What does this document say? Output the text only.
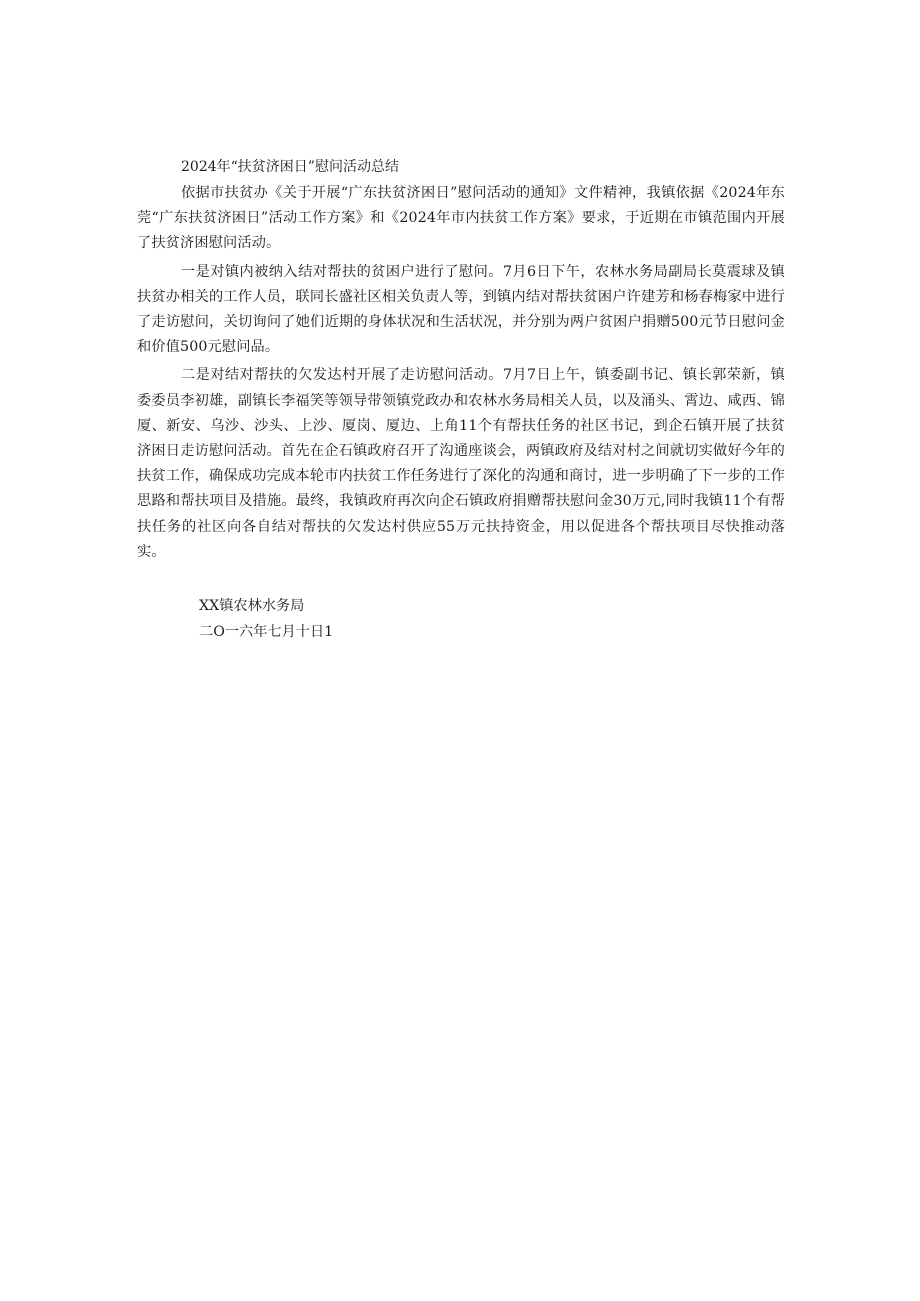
2024年“扶贫济困日”慰问活动总结

依据市扶贫办《关于开展“广东扶贫济困日”慰问活动的通知》文件精神，我镇依据《2024年东莞“广东扶贫济困日”活动工作方案》和《2024年市内扶贫工作方案》要求，于近期在市镇范围内开展了扶贫济困慰问活动。

一是对镇内被纳入结对帮扶的贫困户进行了慰问。7月6日下午，农林水务局副局长莫震球及镇扶贫办相关的工作人员，联同长盛社区相关负责人等，到镇内结对帮扶贫困户许建芳和杨春梅家中进行了走访慰问，关切询问了她们近期的身体状况和生活状况，并分别为两户贫困户捐赠500元节日慰问金和价值500元慰问品。

二是对结对帮扶的欠发达村开展了走访慰问活动。7月7日上午，镇委副书记、镇长郭荣新，镇委委员李初雄，副镇长李福笑等领导带领镇党政办和农林水务局相关人员，以及涌头、霄边、咸西、锦厦、新安、乌沙、沙头、上沙、厦岗、厦边、上角11个有帮扶任务的社区书记，到企石镇开展了扶贫济困日走访慰问活动。首先在企石镇政府召开了沟通座谈会，两镇政府及结对村之间就切实做好今年的扶贫工作，确保成功完成本轮市内扶贫工作任务进行了深化的沟通和商讨，进一步明确了下一步的工作思路和帮扶项目及措施。最终，我镇政府再次向企石镇政府捐赠帮扶慰问金30万元,同时我镇11个有帮扶任务的社区向各自结对帮扶的欠发达村供应55万元扶持资金，用以促进各个帮扶项目尽快推动落实。

XX镇农林水务局
二O一六年七月十日1
